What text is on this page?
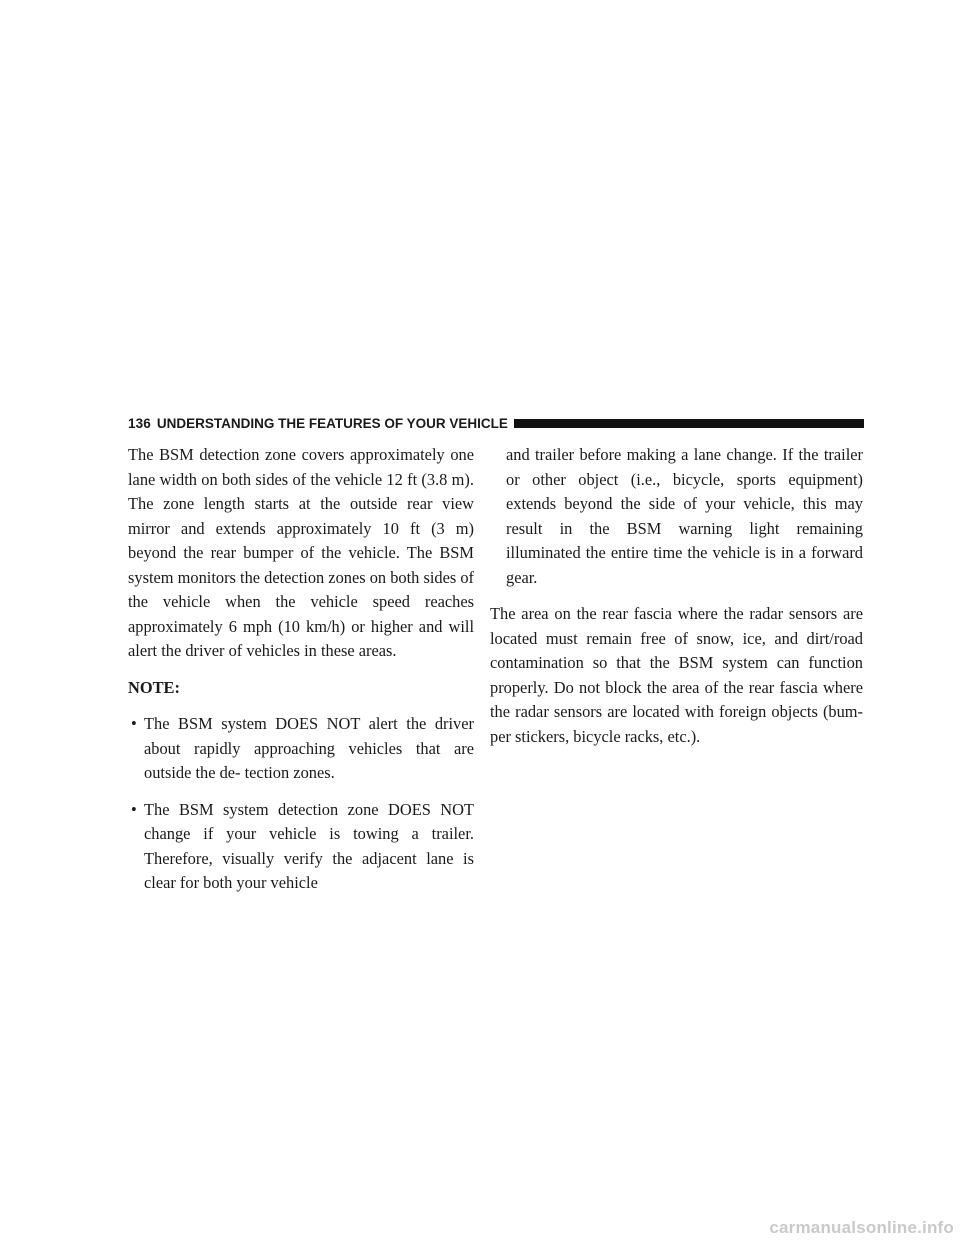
136 UNDERSTANDING THE FEATURES OF YOUR VEHICLE

The BSM detection zone covers approximately one lane width on both sides of the vehicle 12 ft (3.8 m). The zone length starts at the outside rear view mirror and extends approximately 10 ft (3 m) beyond the rear bumper of the vehicle. The BSM system monitors the detection zones on both sides of the vehicle when the vehicle speed reaches approximately 6 mph (10 km/h) or higher and will alert the driver of vehicles in these areas.

NOTE:

• The BSM system DOES NOT alert the driver about rapidly approaching vehicles that are outside the de- tection zones.
• The BSM system detection zone DOES NOT change if your vehicle is towing a trailer. Therefore, visually verify the adjacent lane is clear for both your vehicle

and trailer before making a lane change. If the trailer or other object (i.e., bicycle, sports equipment) extends beyond the side of your vehicle, this may result in the BSM warning light remaining illuminated the entire time the vehicle is in a forward gear.

The area on the rear fascia where the radar sensors are located must remain free of snow, ice, and dirt/road contamination so that the BSM system can function properly. Do not block the area of the rear fascia where the radar sensors are located with foreign objects (bum- per stickers, bicycle racks, etc.).

carmanualsonline.info
